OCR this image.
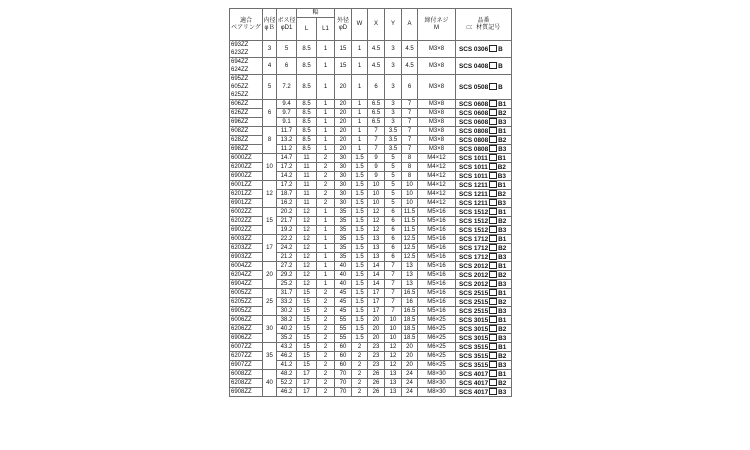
適合
ベアリング	内径
φＢ	ボス径
φD1	幅		外径
φD	W	X	Y	A	締付ネジ
M	品番
□：材質記号

			L	L1							

693ZZ
623ZZ	3	5	8.5	1	15	1	4.5	3	4.5	M3×8	SCS 0306 B

694ZZ
624ZZ	4	6	8.5	1	15	1	4.5	3	4.5	M3×8	SCS 0408 B

695ZZ
605ZZ
625ZZ	5	7.2	8.5	1	20	1	6	3	6	M3×8	SCS 0508 B

606ZZ	6	9.4	8.5	1	20	1	6.5	3	7	M3×8	SCS 0608 B1

626ZZ		9.7	8.5	1	20	1	6.5	3	7	M3×8	SCS 0608 B2

696ZZ		9.1	8.5	1	20	1	6.5	3	7	M3×8	SCS 0608 B3

608ZZ	8	11.7	8.5	1	20	1	7	3.5	7	M3×8	SCS 0808 B1

628ZZ		13.2	8.5	1	20	1	7	3.5	7	M3×8	SCS 0808 B2

698ZZ		11.2	8.5	1	20	1	7	3.5	7	M3×8	SCS 0808 B3

6000ZZ	10	14.7	11	2	30	1.5	9	5	8	M4×12	SCS 1011 B1

6200ZZ		17.2	11	2	30	1.5	9	5	8	M4×12	SCS 1011 B2

6900ZZ		14.2	11	2	30	1.5	9	5	8	M4×12	SCS 1011 B3

6001ZZ	12	17.2	11	2	30	1.5	10	5	10	M4×12	SCS 1211 B1

6201ZZ		18.7	11	2	30	1.5	10	5	10	M4×12	SCS 1211 B2

6901ZZ		16.2	11	2	30	1.5	10	5	10	M4×12	SCS 1211 B3

6002ZZ	15	20.2	12	1	35	1.5	12	6	11.5	M5×16	SCS 1512 B1

6202ZZ		21.7	12	1	35	1.5	12	6	11.5	M5×16	SCS 1512 B2

6902ZZ		19.2	12	1	35	1.5	12	6	11.5	M5×16	SCS 1512 B3

6003ZZ	17	22.2	12	1	35	1.5	13	6	12.5	M5×16	SCS 1712 B1

6203ZZ		24.2	12	1	35	1.5	13	6	12.5	M5×16	SCS 1712 B2

6903ZZ		21.2	12	1	35	1.5	13	6	12.5	M5×16	SCS 1712 B3

6004ZZ	20	27.2	12	1	40	1.5	14	7	13	M5×16	SCS 2012 B1

6204ZZ		29.2	12	1	40	1.5	14	7	13	M5×16	SCS 2012 B2

6904ZZ		25.2	12	1	40	1.5	14	7	13	M5×16	SCS 2012 B3

6005ZZ	25	31.7	15	2	45	1.5	17	7	16.5	M5×16	SCS 2515 B1

6205ZZ		33.2	15	2	45	1.5	17	7	16	M5×16	SCS 2515 B2

6905ZZ		30.2	15	2	45	1.5	17	7	16.5	M5×16	SCS 2515 B3

6006ZZ	30	38.2	15	2	55	1.5	20	10	18.5	M6×25	SCS 3015 B1

6206ZZ		40.2	15	2	55	1.5	20	10	18.5	M6×25	SCS 3015 B2

6906ZZ		35.2	15	2	55	1.5	20	10	18.5	M6×25	SCS 3015 B3

6007ZZ	35	43.2	15	2	60	2	23	12	20	M6×25	SCS 3515 B1

6207ZZ		46.2	15	2	60	2	23	12	20	M6×25	SCS 3515 B2

6907ZZ		41.2	15	2	60	2	23	12	20	M6×25	SCS 3515 B3

6008ZZ	40	48.2	17	2	70	2	26	13	24	M8×30	SCS 4017 B1

6208ZZ		52.2	17	2	70	2	26	13	24	M8×30	SCS 4017 B2

6908ZZ		46.2	17	2	70	2	26	13	24	M8×30	SCS 4017 B3
